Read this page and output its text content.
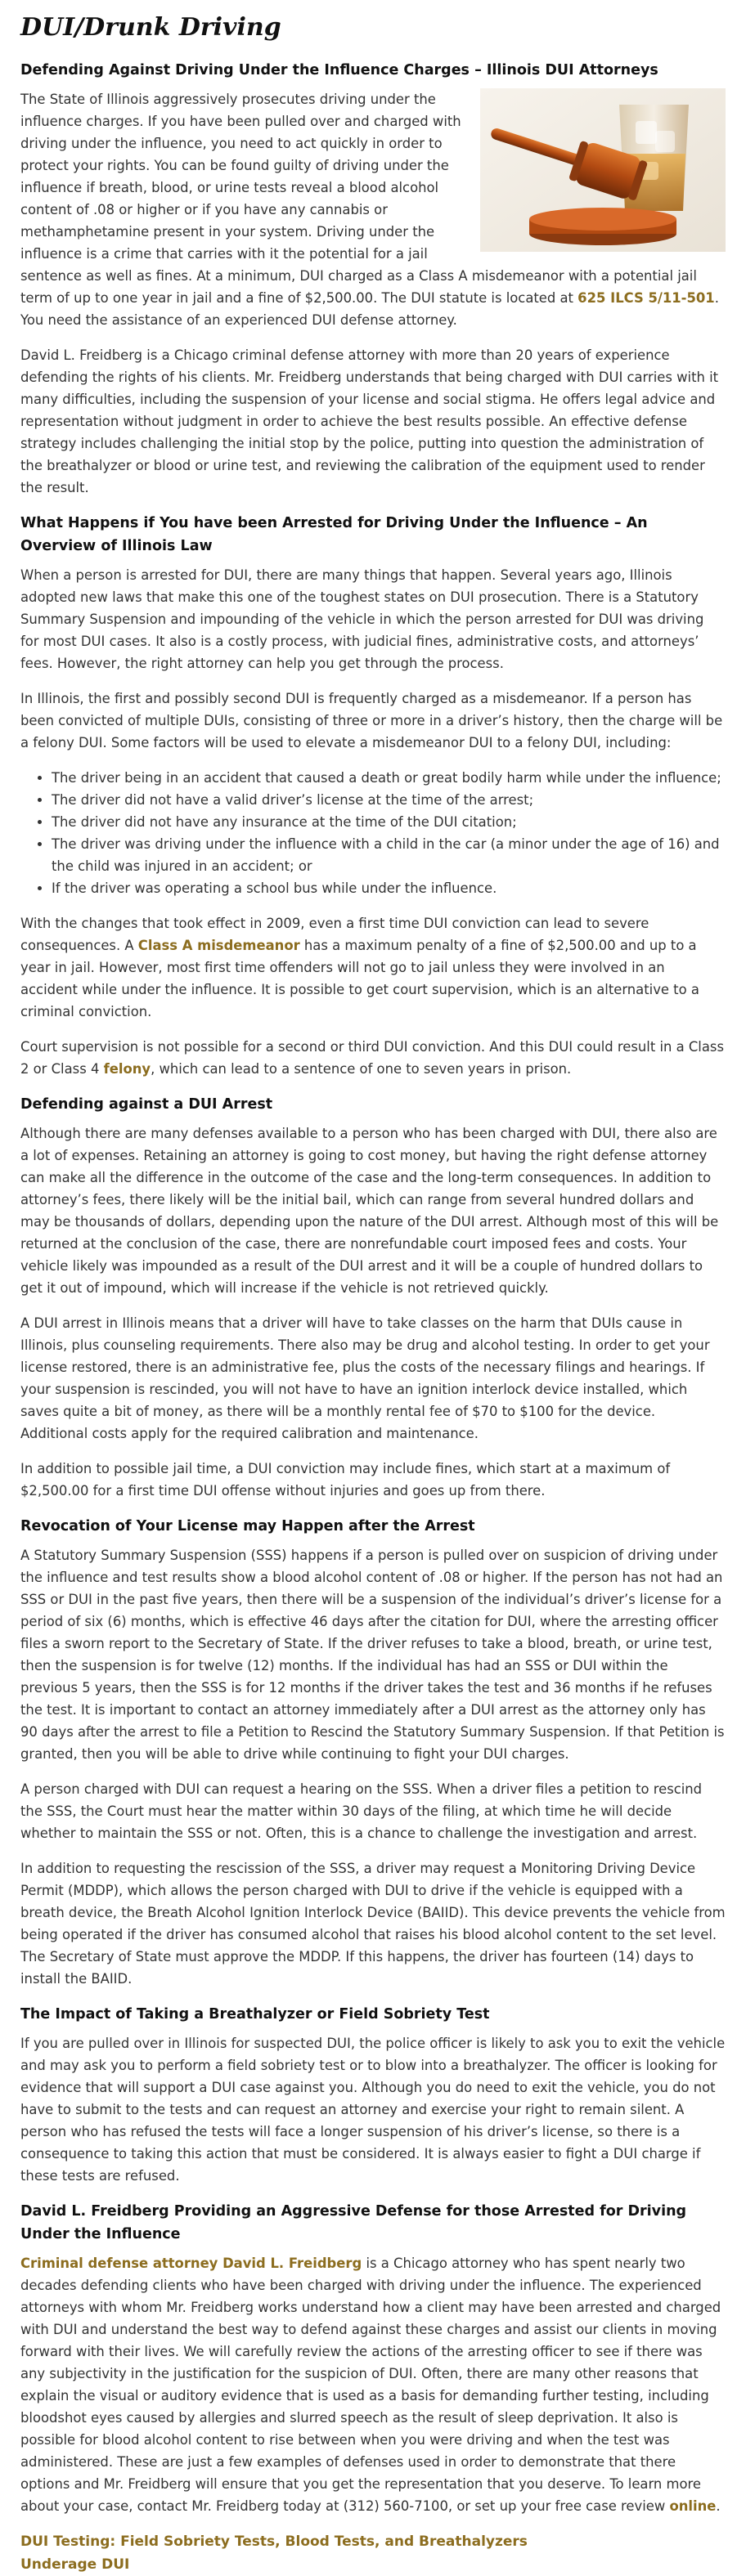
DUI/Drunk Driving
Defending Against Driving Under the Influence Charges – Illinois DUI Attorneys

The State of Illinois aggressively prosecutes driving under the influence charges. If you have been pulled over and charged with driving under the influence, you need to act quickly in order to protect your rights. You can be found guilty of driving under the influence if breath, blood, or urine tests reveal a blood alcohol content of .08 or higher or if you have any cannabis or methamphetamine present in your system. Driving under the influence is a crime that carries with it the potential for a jail sentence as well as fines. At a minimum, DUI charged as a Class A misdemeanor with a potential jail term of up to one year in jail and a fine of $2,500.00. The DUI statute is located at 625 ILCS 5/11-501. You need the assistance of an experienced DUI defense attorney.

David L. Freidberg is a Chicago criminal defense attorney with more than 20 years of experience defending the rights of his clients. Mr. Freidberg understands that being charged with DUI carries with it many difficulties, including the suspension of your license and social stigma. He offers legal advice and representation without judgment in order to achieve the best results possible. An effective defense strategy includes challenging the initial stop by the police, putting into question the administration of the breathalyzer or blood or urine test, and reviewing the calibration of the equipment used to render the result.

What Happens if You have been Arrested for Driving Under the Influence – An Overview of Illinois Law

When a person is arrested for DUI, there are many things that happen. Several years ago, Illinois adopted new laws that make this one of the toughest states on DUI prosecution. There is a Statutory Summary Suspension and impounding of the vehicle in which the person arrested for DUI was driving for most DUI cases. It also is a costly process, with judicial fines, administrative costs, and attorneys’ fees. However, the right attorney can help you get through the process.

In Illinois, the first and possibly second DUI is frequently charged as a misdemeanor. If a person has been convicted of multiple DUIs, consisting of three or more in a driver’s history, then the charge will be a felony DUI. Some factors will be used to elevate a misdemeanor DUI to a felony DUI, including:

• The driver being in an accident that caused a death or great bodily harm while under the influence;
• The driver did not have a valid driver’s license at the time of the arrest;
• The driver did not have any insurance at the time of the DUI citation;
• The driver was driving under the influence with a child in the car (a minor under the age of 16) and the child was injured in an accident; or
• If the driver was operating a school bus while under the influence.

With the changes that took effect in 2009, even a first time DUI conviction can lead to severe consequences. A Class A misdemeanor has a maximum penalty of a fine of $2,500.00 and up to a year in jail. However, most first time offenders will not go to jail unless they were involved in an accident while under the influence. It is possible to get court supervision, which is an alternative to a criminal conviction.

Court supervision is not possible for a second or third DUI conviction. And this DUI could result in a Class 2 or Class 4 felony, which can lead to a sentence of one to seven years in prison.

Defending against a DUI Arrest

Although there are many defenses available to a person who has been charged with DUI, there also are a lot of expenses. Retaining an attorney is going to cost money, but having the right defense attorney can make all the difference in the outcome of the case and the long-term consequences. In addition to attorney’s fees, there likely will be the initial bail, which can range from several hundred dollars and may be thousands of dollars, depending upon the nature of the DUI arrest. Although most of this will be returned at the conclusion of the case, there are nonrefundable court imposed fees and costs. Your vehicle likely was impounded as a result of the DUI arrest and it will be a couple of hundred dollars to get it out of impound, which will increase if the vehicle is not retrieved quickly.

A DUI arrest in Illinois means that a driver will have to take classes on the harm that DUIs cause in Illinois, plus counseling requirements. There also may be drug and alcohol testing. In order to get your license restored, there is an administrative fee, plus the costs of the necessary filings and hearings. If your suspension is rescinded, you will not have to have an ignition interlock device installed, which saves quite a bit of money, as there will be a monthly rental fee of $70 to $100 for the device. Additional costs apply for the required calibration and maintenance.

In addition to possible jail time, a DUI conviction may include fines, which start at a maximum of $2,500.00 for a first time DUI offense without injuries and goes up from there.

Revocation of Your License may Happen after the Arrest

A Statutory Summary Suspension (SSS) happens if a person is pulled over on suspicion of driving under the influence and test results show a blood alcohol content of .08 or higher. If the person has not had an SSS or DUI in the past five years, then there will be a suspension of the individual’s driver’s license for a period of six (6) months, which is effective 46 days after the citation for DUI, where the arresting officer files a sworn report to the Secretary of State. If the driver refuses to take a blood, breath, or urine test, then the suspension is for twelve (12) months. If the individual has had an SSS or DUI within the previous 5 years, then the SSS is for 12 months if the driver takes the test and 36 months if he refuses the test. It is important to contact an attorney immediately after a DUI arrest as the attorney only has 90 days after the arrest to file a Petition to Rescind the Statutory Summary Suspension. If that Petition is granted, then you will be able to drive while continuing to fight your DUI charges.

A person charged with DUI can request a hearing on the SSS. When a driver files a petition to rescind the SSS, the Court must hear the matter within 30 days of the filing, at which time he will decide whether to maintain the SSS or not. Often, this is a chance to challenge the investigation and arrest.

In addition to requesting the rescission of the SSS, a driver may request a Monitoring Driving Device Permit (MDDP), which allows the person charged with DUI to drive if the vehicle is equipped with a breath device, the Breath Alcohol Ignition Interlock Device (BAIID). This device prevents the vehicle from being operated if the driver has consumed alcohol that raises his blood alcohol content to the set level. The Secretary of State must approve the MDDP. If this happens, the driver has fourteen (14) days to install the BAIID.

The Impact of Taking a Breathalyzer or Field Sobriety Test

If you are pulled over in Illinois for suspected DUI, the police officer is likely to ask you to exit the vehicle and may ask you to perform a field sobriety test or to blow into a breathalyzer. The officer is looking for evidence that will support a DUI case against you. Although you do need to exit the vehicle, you do not have to submit to the tests and can request an attorney and exercise your right to remain silent. A person who has refused the tests will face a longer suspension of his driver’s license, so there is a consequence to taking this action that must be considered. It is always easier to fight a DUI charge if these tests are refused.

David L. Freidberg Providing an Aggressive Defense for those Arrested for Driving Under the Influence

Criminal defense attorney David L. Freidberg is a Chicago attorney who has spent nearly two decades defending clients who have been charged with driving under the influence. The experienced attorneys with whom Mr. Freidberg works understand how a client may have been arrested and charged with DUI and understand the best way to defend against these charges and assist our clients in moving forward with their lives. We will carefully review the actions of the arresting officer to see if there was any subjectivity in the justification for the suspicion of DUI. Often, there are many other reasons that explain the visual or auditory evidence that is used as a basis for demanding further testing, including bloodshot eyes caused by allergies and slurred speech as the result of sleep deprivation. It also is possible for blood alcohol content to rise between when you were driving and when the test was administered. These are just a few examples of defenses used in order to demonstrate that there options and Mr. Freidberg will ensure that you get the representation that you deserve. To learn more about your case, contact Mr. Freidberg today at (312) 560-7100, or set up your free case review online.

DUI Testing: Field Sobriety Tests, Blood Tests, and Breathalyzers
Underage DUI
